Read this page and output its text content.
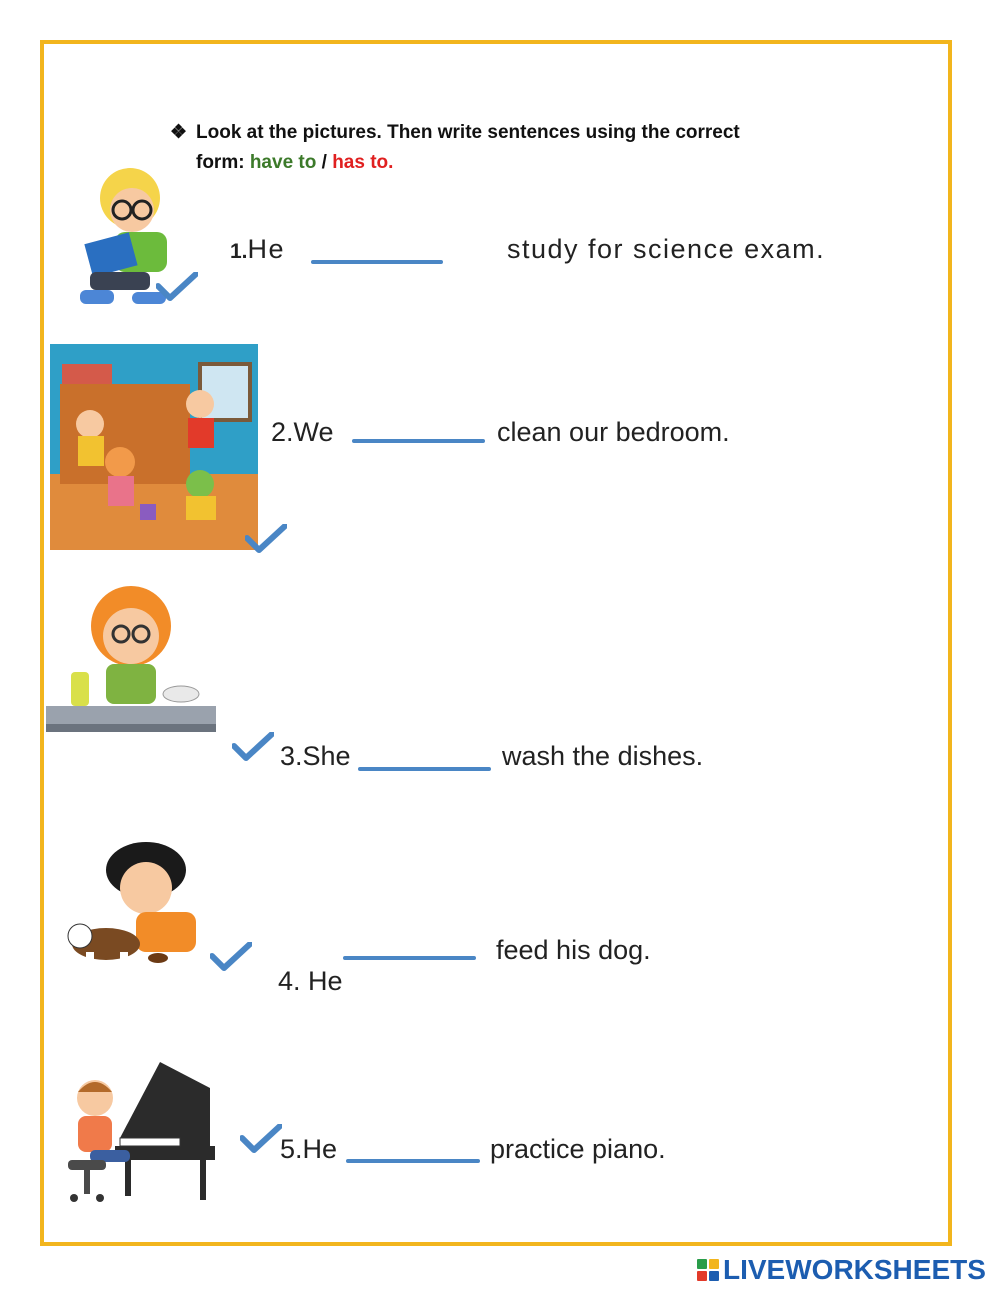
❖ Look at the pictures. Then write sentences using the correct
form: have to / has to.
1.He	study for science exam.
2.We	clean our bedroom.
3.She	wash the dishes.

4. He

feed his dog.
5.He	practice piano.
LIVEWORKSHEETS
